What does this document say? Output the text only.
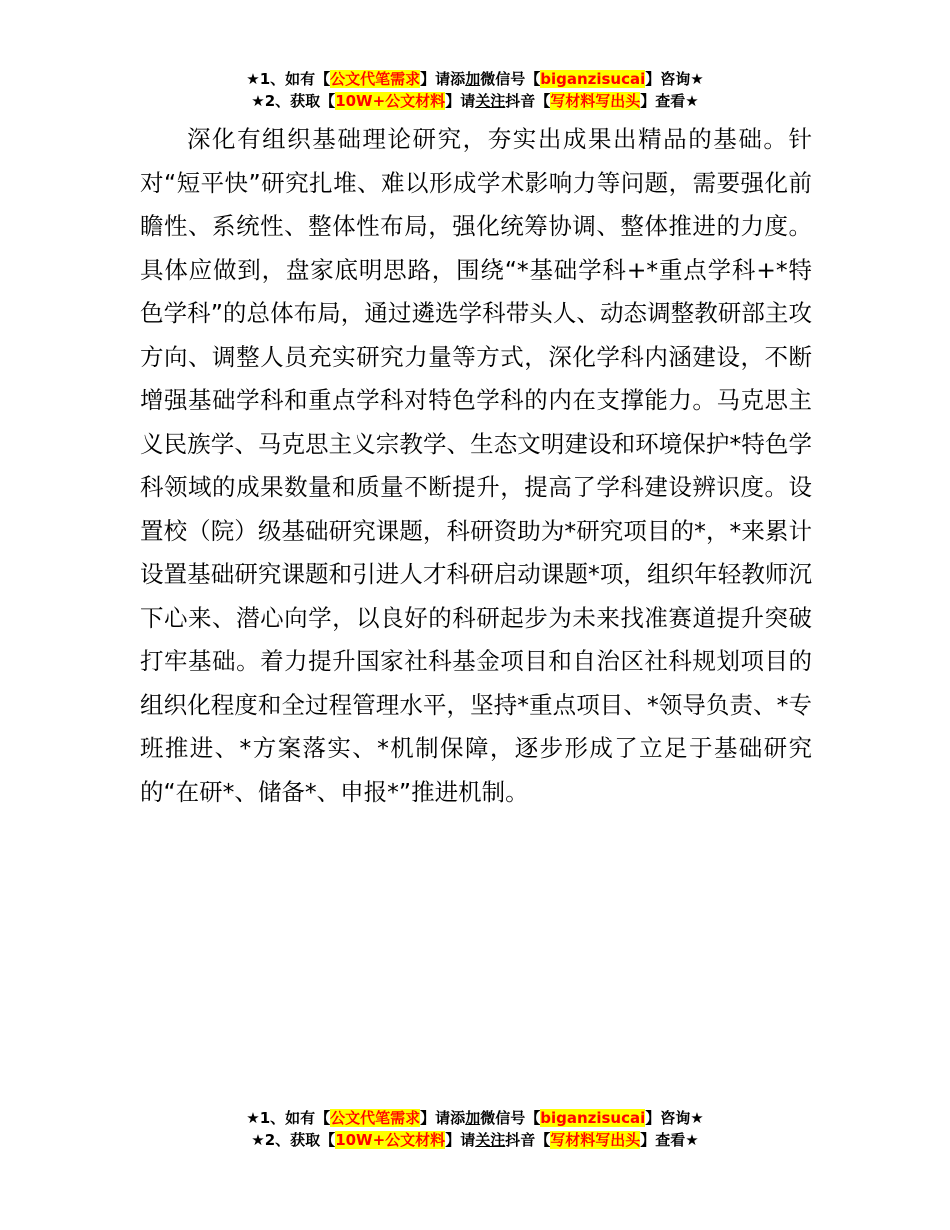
★1、如有【公文代笔需求】请添加微信号【biganzisucai】咨询★
★2、获取【10W+公文材料】请关注抖音【写材料写出头】查看★

深化有组织基础理论研究，夯实出成果出精品的基础。针对“短平快”研究扎堆、难以形成学术影响力等问题，需要强化前瞻性、系统性、整体性布局，强化统筹协调、整体推进的力度。具体应做到，盘家底明思路，围绕“*基础学科+*重点学科+*特色学科”的总体布局，通过遴选学科带头人、动态调整教研部主攻方向、调整人员充实研究力量等方式，深化学科内涵建设，不断增强基础学科和重点学科对特色学科的内在支撑能力。马克思主义民族学、马克思主义宗教学、生态文明建设和环境保护*特色学科领域的成果数量和质量不断提升，提高了学科建设辨识度。设置校（院）级基础研究课题，科研资助为*研究项目的*，*来累计设置基础研究课题和引进人才科研启动课题*项，组织年轻教师沉下心来、潜心向学，以良好的科研起步为未来找准赛道提升突破打牢基础。着力提升国家社科基金项目和自治区社科规划项目的组织化程度和全过程管理水平，坚持*重点项目、*领导负责、*专班推进、*方案落实、*机制保障，逐步形成了立足于基础研究的“在研*、储备*、申报*”推进机制。

★1、如有【公文代笔需求】请添加微信号【biganzisucai】咨询★
★2、获取【10W+公文材料】请关注抖音【写材料写出头】查看★
